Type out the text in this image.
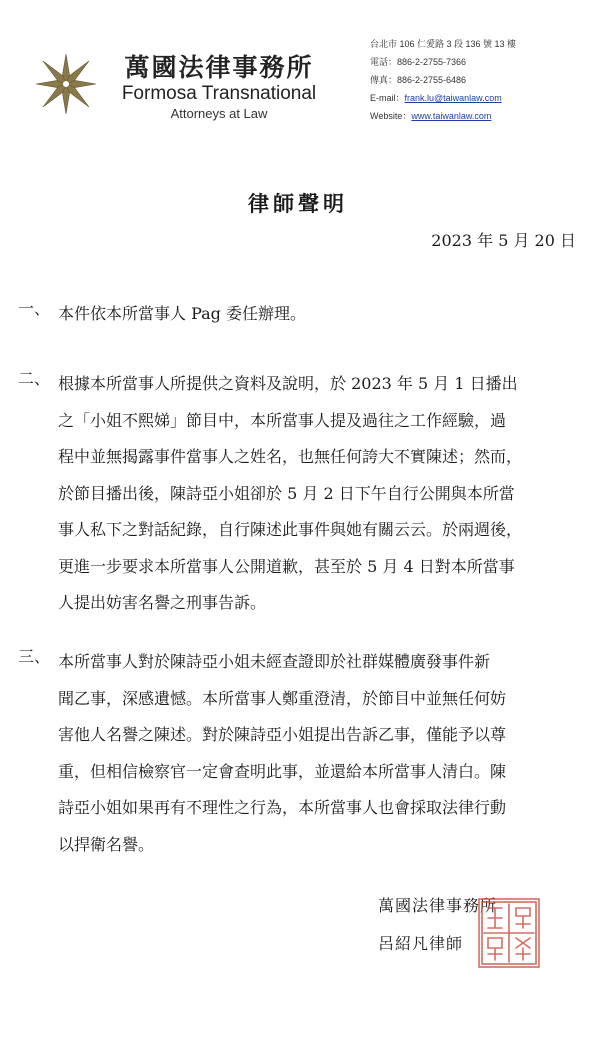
萬國法律事務所
Formosa Transnational
Attorneys at Law
台北市 106 仁愛路 3 段 136 號 13 樓
電話：886-2-2755-7366
傳真：886-2-2755-6486
E-mail：frank.lu@taiwanlaw.com
Website：www.taiwanlaw.com
律師聲明
2023 年 5 月 20 日
一、 本件依本所當事人 Pag 委任辦理。
二、 根據本所當事人所提供之資料及說明，於 2023 年 5 月 1 日播出
之「小姐不熙娣」節目中，本所當事人提及過往之工作經驗，過
程中並無揭露事件當事人之姓名，也無任何誇大不實陳述；然而，
於節目播出後，陳詩亞小姐卻於 5 月 2 日下午自行公開與本所當
事人私下之對話紀錄，自行陳述此事件與她有關云云。於兩週後，
更進一步要求本所當事人公開道歉，甚至於 5 月 4 日對本所當事
人提出妨害名譽之刑事告訴。
三、 本所當事人對於陳詩亞小姐未經查證即於社群媒體廣發事件新
聞乙事，深感遺憾。本所當事人鄭重澄清，於節目中並無任何妨
害他人名譽之陳述。對於陳詩亞小姐提出告訴乙事，僅能予以尊
重，但相信檢察官一定會查明此事，並還給本所當事人清白。陳
詩亞小姐如果再有不理性之行為，本所當事人也會採取法律行動
以捍衛名譽。
萬國法律事務所
呂紹凡律師
